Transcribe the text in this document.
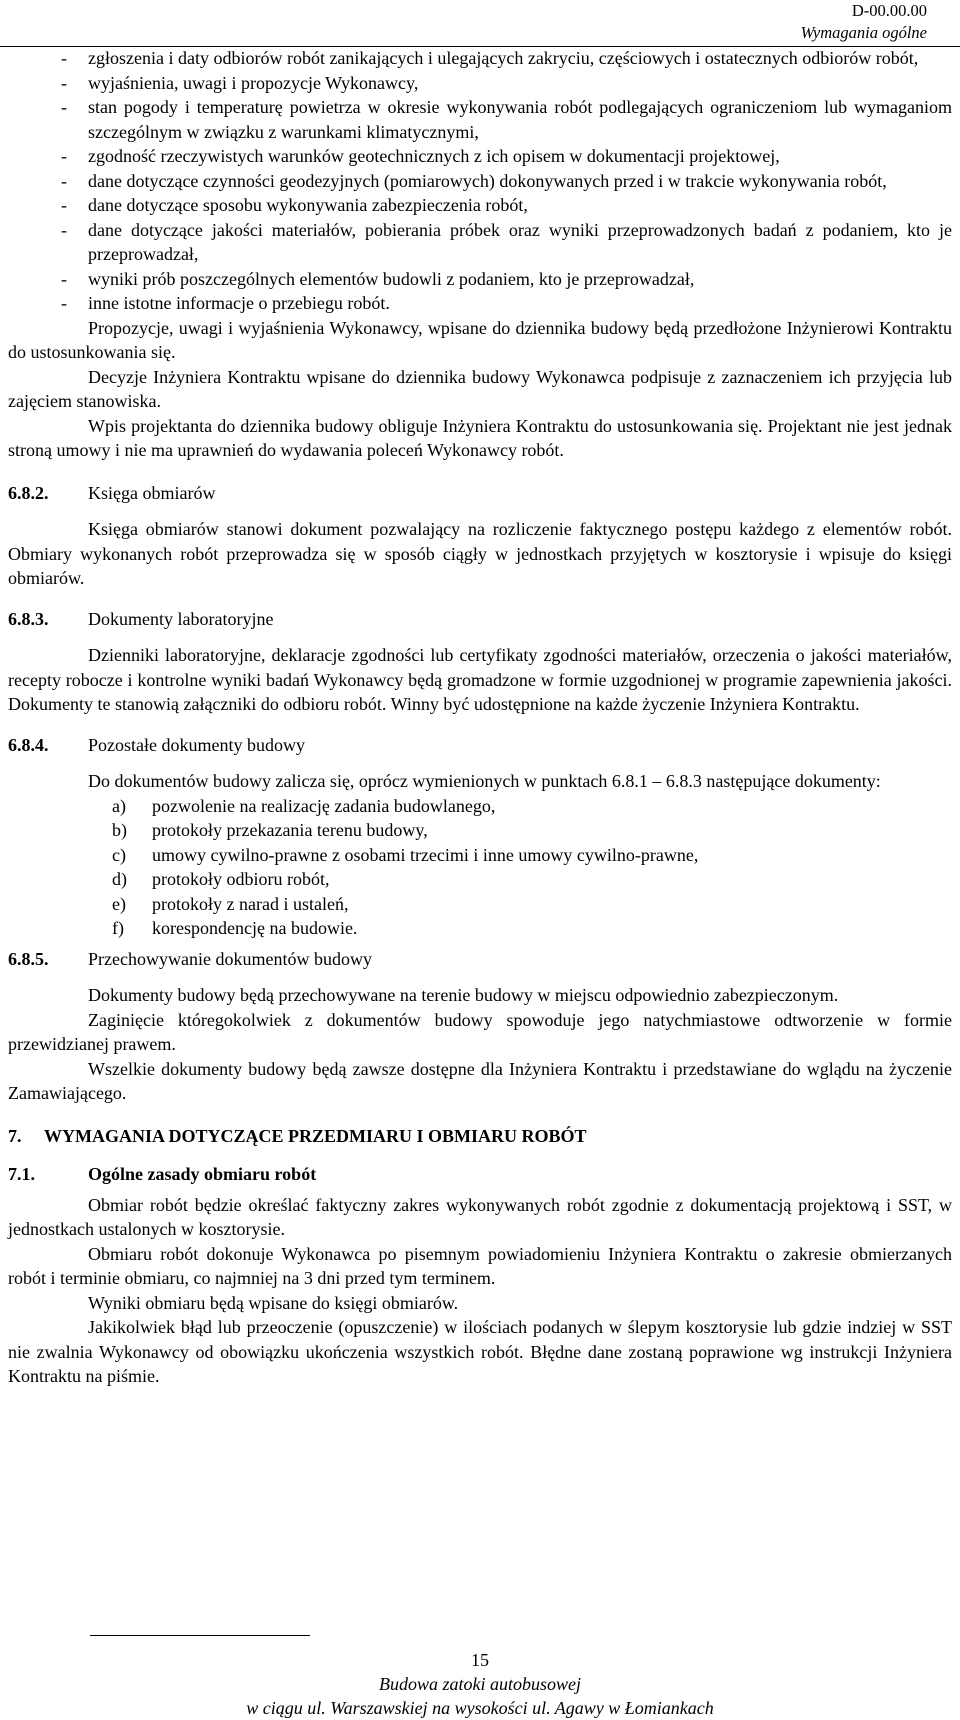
D-00.00.00
Wymagania ogólne
- zgłoszenia i daty odbiorów robót zanikających i ulegających zakryciu, częściowych i ostatecznych odbiorów robót,
- wyjaśnienia, uwagi i propozycje Wykonawcy,
- stan pogody i temperaturę powietrza w okresie wykonywania robót podlegających ograniczeniom lub wymaganiom szczególnym w związku z warunkami klimatycznymi,
- zgodność rzeczywistych warunków geotechnicznych z ich opisem w dokumentacji projektowej,
- dane dotyczące czynności geodezyjnych (pomiarowych) dokonywanych przed i w trakcie wykonywania robót,
- dane dotyczące sposobu wykonywania zabezpieczenia robót,
- dane dotyczące jakości materiałów, pobierania próbek oraz wyniki przeprowadzonych badań z podaniem, kto je przeprowadzał,
- wyniki prób poszczególnych elementów budowli z podaniem, kto je przeprowadzał,
- inne istotne informacje o przebiegu robót.
Propozycje, uwagi i wyjaśnienia Wykonawcy, wpisane do dziennika budowy będą przedłożone Inżynierowi Kontraktu do ustosunkowania się.
Decyzje Inżyniera Kontraktu wpisane do dziennika budowy Wykonawca podpisuje z zaznaczeniem ich przyjęcia lub zajęciem stanowiska.
Wpis projektanta do dziennika budowy obliguje Inżyniera Kontraktu do ustosunkowania się. Projektant nie jest jednak stroną umowy i nie ma uprawnień do wydawania poleceń Wykonawcy robót.
6.8.2. Księga obmiarów
Księga obmiarów stanowi dokument pozwalający na rozliczenie faktycznego postępu każdego z elementów robót. Obmiary wykonanych robót przeprowadza się w sposób ciągły w jednostkach przyjętych w kosztorysie i wpisuje do księgi obmiarów.
6.8.3. Dokumenty laboratoryjne
Dzienniki laboratoryjne, deklaracje zgodności lub certyfikaty zgodności materiałów, orzeczenia o jakości materiałów, recepty robocze i kontrolne wyniki badań Wykonawcy będą gromadzone w formie uzgodnionej w programie zapewnienia jakości. Dokumenty te stanowią załączniki do odbioru robót. Winny być udostępnione na każde życzenie Inżyniera Kontraktu.
6.8.4. Pozostałe dokumenty budowy
Do dokumentów budowy zalicza się, oprócz wymienionych w punktach 6.8.1 – 6.8.3 następujące dokumenty:
a)	pozwolenie na realizację zadania budowlanego,
b)	protokoły przekazania terenu budowy,
c)	umowy cywilno-prawne z osobami trzecimi i inne umowy cywilno-prawne,
d)	protokoły odbioru robót,
e)	protokoły z narad i ustaleń,
f)	korespondencję na budowie.
6.8.5. Przechowywanie dokumentów budowy
Dokumenty budowy będą przechowywane na terenie budowy w miejscu odpowiednio zabezpieczonym.
Zaginięcie któregokolwiek z dokumentów budowy spowoduje jego natychmiastowe odtworzenie w formie przewidzianej prawem.
Wszelkie dokumenty budowy będą zawsze dostępne dla Inżyniera Kontraktu i przedstawiane do wglądu na życzenie Zamawiającego.
7. WYMAGANIA DOTYCZĄCE PRZEDMIARU I OBMIARU ROBÓT
7.1.	Ogólne zasady obmiaru robót
Obmiar robót będzie określać faktyczny zakres wykonywanych robót zgodnie z dokumentacją projektową i SST, w jednostkach ustalonych w kosztorysie.
Obmiaru robót dokonuje Wykonawca po pisemnym powiadomieniu Inżyniera Kontraktu o zakresie obmierzanych robót i terminie obmiaru, co najmniej na 3 dni przed tym terminem.
Wyniki obmiaru będą wpisane do księgi obmiarów.
Jakikolwiek błąd lub przeoczenie (opuszczenie) w ilościach podanych w ślepym kosztorysie lub gdzie indziej w SST nie zwalnia Wykonawcy od obowiązku ukończenia wszystkich robót. Błędne dane zostaną poprawione wg instrukcji Inżyniera Kontraktu na piśmie.
15
Budowa zatoki autobusowej
w ciągu ul. Warszawskiej na wysokości ul. Agawy w Łomiankach
